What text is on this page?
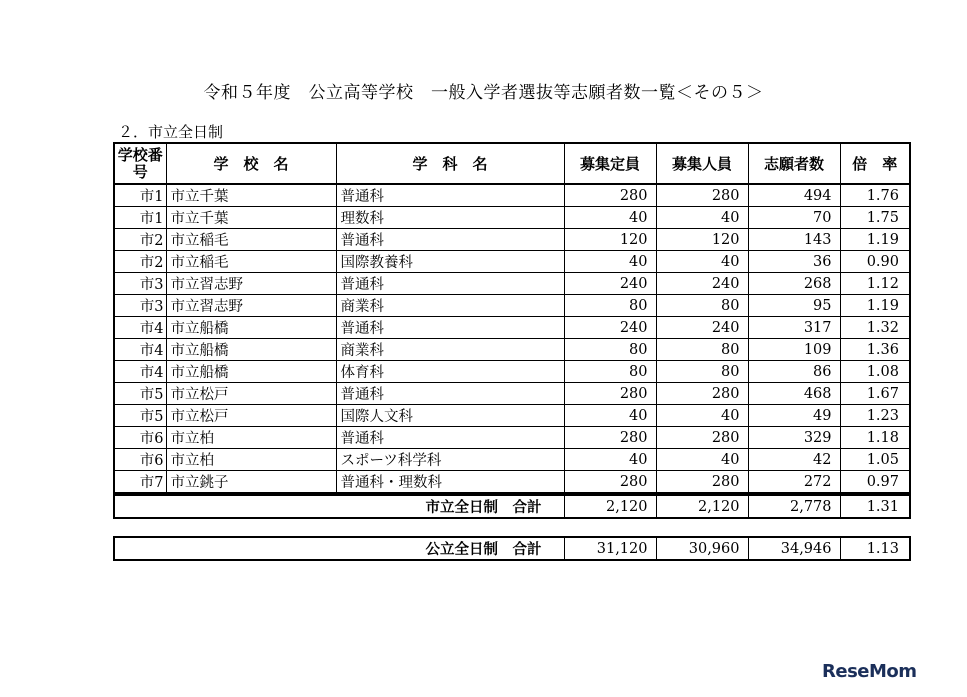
令和５年度　公立高等学校　一般入学者選抜等志願者数一覧＜その５＞
２．市立全日制
学校番号	学　校　名	学　科　名	募集定員	募集人員	志願者数	倍　率
市1	市立千葉	普通科	280	280	494	1.76
市1	市立千葉	理数科	40	40	70	1.75
市2	市立稲毛	普通科	120	120	143	1.19
市2	市立稲毛	国際教養科	40	40	36	0.90
市3	市立習志野	普通科	240	240	268	1.12
市3	市立習志野	商業科	80	80	95	1.19
市4	市立船橋	普通科	240	240	317	1.32
市4	市立船橋	商業科	80	80	109	1.36
市4	市立船橋	体育科	80	80	86	1.08
市5	市立松戸	普通科	280	280	468	1.67
市5	市立松戸	国際人文科	40	40	49	1.23
市6	市立柏	普通科	280	280	329	1.18
市6	市立柏	スポーツ科学科	40	40	42	1.05
市7	市立銚子	普通科・理数科	280	280	272	0.97
市立全日制　合計	2,120	2,120	2,778	1.31
公立全日制　合計	31,120	30,960	34,946	1.13
ReseMom
